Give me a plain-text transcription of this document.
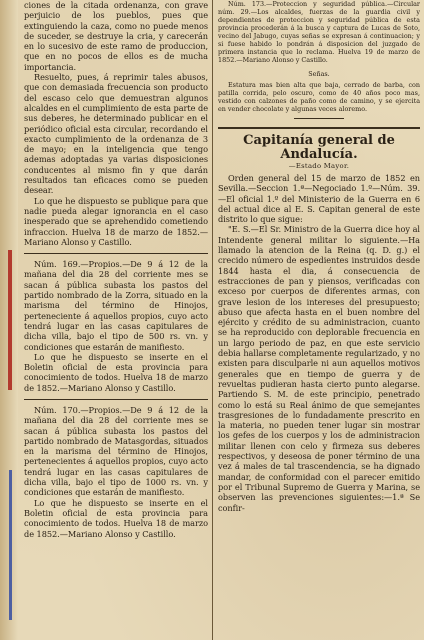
ciones de la citada ordenanza, con grave perjuicio de los pueblos, pues que extinguiendo la caza, como no puede menos de suceder, se destruye la cria, y carecerán en lo sucesivo de este ramo de produccion, que en no pocos de ellos es de mucha importancia.

Resuelto, pues, á reprimir tales abusos, que con demasiada frecuencia son producto del escaso celo que demuestran algunos alcaldes en el cumplimiento de esta parte de sus deberes, he determinado publicar en el periódico oficial esta circular, recordando el exacto cumplimiento de la ordenanza de 3 de mayo; en la inteligencia que tengo ademas adoptadas ya varias disposiciones conducentes al mismo fin y que darán resultados tan eficaces como se pueden desear.

Lo que he dispuesto se publique para que nadie pueda alegar ignorancia en el caso inesperado que se aprehendido cometiendo infraccion. Huelva 18 de marzo de 1852.—Mariano Alonso y Castillo.

Núm. 169.—Propios.—De 9 á 12 de la mañana del dia 28 del corriente mes se sacan á pública subasta los pastos del partido nombrado de la Zorra, situado en la marisma del término de Hinojos, perteneciente á aquellos propios, cuyo acto tendrá lugar en las casas capitulares de dicha villa, bajo el tipo de 500 rs. vn. y condiciones que estarán de manifiesto.

Lo que he dispuesto se inserte en el Boletin oficial de esta provincia para conocimiento de todos. Huelva 18 de marzo de 1852.—Mariano Alonso y Castillo.

Núm. 170.—Propios.—De 9 á 12 de la mañana del dia 28 del corriente mes se sacan á pública subasta los pastos del partido nombrado de Matasgordas, situados en la marisma del término de Hinojos, pertenecientes á aquellos propios, cuyo acto tendrá lugar en las casas capitulares de dicha villa, bajo el tipo de 1000 rs. vn. y condiciones que estarán de manifiesto.

Lo que he dispuesto se inserte en el Boletin oficial de esta provincia para conocimiento de todos. Huelva 18 de marzo de 1852.—Mariano Alonso y Castillo.

Núm. 173.—Proteccion y seguridad pública.—Circular núm. 29.—Los alcaldes, fuerzas de la guardia civil y dependientes de proteccion y seguridad pública de esta provincia procederán á la busca y captura de Lucas de Soto, vecino del Jabugo, cuyas señas se expresan á continuacion; y si fuese habido lo pondrán á disposicion del juzgado de primera instancia que lo reclama. Huelva 19 de marzo de 1852.—Mariano Alonso y Castillo.

Señas.

Estatura mas bien alta que baja, cerrado de barba, con patilla corrida, pelo oscuro, como de 40 años poco mas, vestido con calzones de paño como de camino, y se ejercita en vender chocolate y algunas veces aloremo.

Capitanía general de Andalucía.
—Estado Mayor.

Orden general del 15 de marzo de 1852 en Sevilla.—Seccion 1.ª—Negociado 1.º—Núm. 39.—El oficial 1.º del Ministerio de la Guerra en 6 del actual dice al E. S. Capitan general de este distrito lo que sigue:

"E. S.—El Sr. Ministro de la Guerra dice hoy al Intendente general militar lo siguiente.—Ha llamado la atencion de la Reina (q. D. g.) el crecido número de espedientes instruidos desde 1844 hasta el dia, á consecuencia de estracciones de pan y piensos, verificadas con exceso por cuerpos de diferentes armas, con grave lesion de los intereses del presupuesto; abuso que afecta hasta en el buen nombre del ejército y crédito de su administracion, cuanto se ha reproducido con deplorable frecuencia en un largo periodo de paz, en que este servicio debia hallarse completamente regularizado, y no existen para disculparle ni aun aquellos motivos generales que en tiempo de guerra y de revueltas pudieran hasta cierto punto alegarse. Partiendo S. M. de este principio, penetrado como lo está su Real ánimo de que semejantes trasgresiones de lo fundadamente prescrito en la materia, no pueden tener lugar sin mostrar los gefes de los cuerpos y los de administracion militar llenen con celo y firmeza sus deberes respectivos, y deseosa de poner término de una vez á males de tal trascendencia, se ha dignado mandar, de conformidad con el parecer emitido por el Tribunal Supremo de Guerra y Marina, se observen las prevenciones siguientes:—1.ª Se confir-
